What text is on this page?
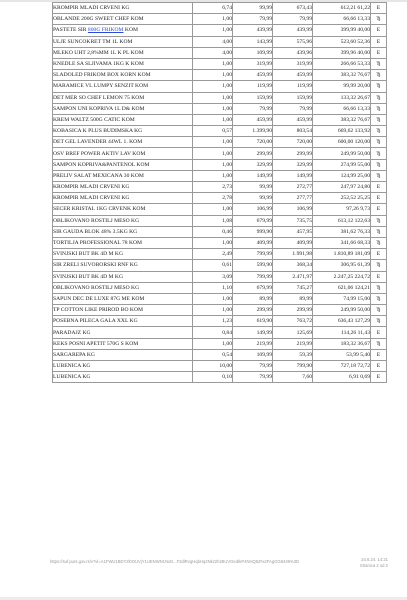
KROMPIR MLADI CRVENI KG	6,74	99,99	673,43	612,21 61,22	E
OBLANDE 200G SWEET CHEF KOM	1,00	79,99	79,99	66,66 13,33	Ђ
PASTETE SIR 800G FRIKOM KOM	1,00	439,99	439,99	399,99 40,00	E
ULJE SUNCOKRET TM 1L KOM	4,00	143,99	575,96	523,60 52,36	E
MLEKO UHT 2,8%MM 1L K PL KOM	4,00	109,99	439,96	399,96 40,00	E
KNEDLE SA SLJIVAMA 1KG K KOM	1,00	319,99	319,99	266,66 53,33	Ђ
SLADOLED FRIKOM BOX KORN KOM	1,00	459,99	459,99	383,32 76,67	Ђ
MARAMICE VL LUMPY SENZIT KOM	1,00	119,99	119,99	99,99 20,00	Ђ
DET MER SO CHEF LEMON 75 KOM	1,00	159,99	159,99	133,32 26,67	Ђ
SAMPON UNI KOPRIVA 1L D& KOM	1,00	79,99	79,99	66,66 13,33	Ђ
KREM WALTZ 500G CATIC KOM	1,00	459,99	459,99	383,32 76,67	Ђ
KOBASICA K PLUS BUDIMSKA KG	0,57	1.399,90	803,54	669,62 133,92	Ђ
DET GEL LAVENDER 44WL 1. KOM	1,00	720,00	720,00	600,00 120,00	Ђ
OSV BREF POWER AKTIV LAV KOM	1,00	299,99	299,99	249,99 50,00	Ђ
SAMPON KOPRIVA&PANTENOL KOM	1,00	329,99	329,99	274,99 55,00	Ђ
PRELIV SALAT MEXICANA 30 KOM	1,00	149,99	149,99	124,99 25,00	Ђ
KROMPIR MLADI CRVENI KG	2,73	99,99	272,77	247,97 24,80	E
KROMPIR MLADI CRVENI KG	2,78	99,99	277,77	252,52 25,25	E
SECER KRISTAL 1KG CRVENK KOM	1,00	106,99	106,99	97,26 9,73	E
OBLIKOVANO ROSTILJ MESO KG	1,08	679,99	735,75	613,12 122,63	Ђ
SIR GAUDA BLOK 48% 3.5KG KG	0,46	999,90	457,95	381,62 76,33	Ђ
TORTILJA PROFESSIONAL 78 KOM	1,00	409,99	409,99	341,66 68,33	Ђ
SVINJSKI BUT BK 4D M KG	2,49	799,99	1.991,98	1.810,89 181,09	E
SIR ZRELI SUVOBORSKI RNF KG	0,61	599,90	368,34	306,95 61,39	Ђ
SVINJSKI BUT BK 4D M KG	3,09	799,99	2.471,97	2.247,25 224,72	E
OBLIKOVANO ROSTILJ MESO KG	1,10	679,99	745,27	621,06 124,21	Ђ
SAPUN DEC DE LUXE 87G ME KOM	1,00	89,99	89,99	74,99 15,00	Ђ
TP COTTON LIKE PRIROD BO KOM	1,00	299,99	299,99	249,99 50,00	Ђ
POSEBNA PILECA GALA XXL KG	1,23	619,90	763,72	636,43 127,29	Ђ
PARADAJZ KG	0,84	149,99	125,69	114,26 11,43	E
KEKS POSNI APETIT 570G S KOM	1,00	219,99	219,99	183,32 36,67	Ђ
SARGAREPA KG	0,54	109,99	59,39	53,99 5,40	E
LUBENICA KG	10,00	79,99	799,90	727,18 72,72	E
LUBENICA KG	0,10	79,99	7,60	6,91 0,69	E
https://suf.purs.gov.rs/v?vl=A1FWU1BDYzl0OUVjY1UENWN1NxD...F3dlRvgHqbHq2Nkz2hzBUVOedIkP4NHQ6Z%2FAgGG8449%3D	24.6.24. 14:21
Stranica 2 od 2
